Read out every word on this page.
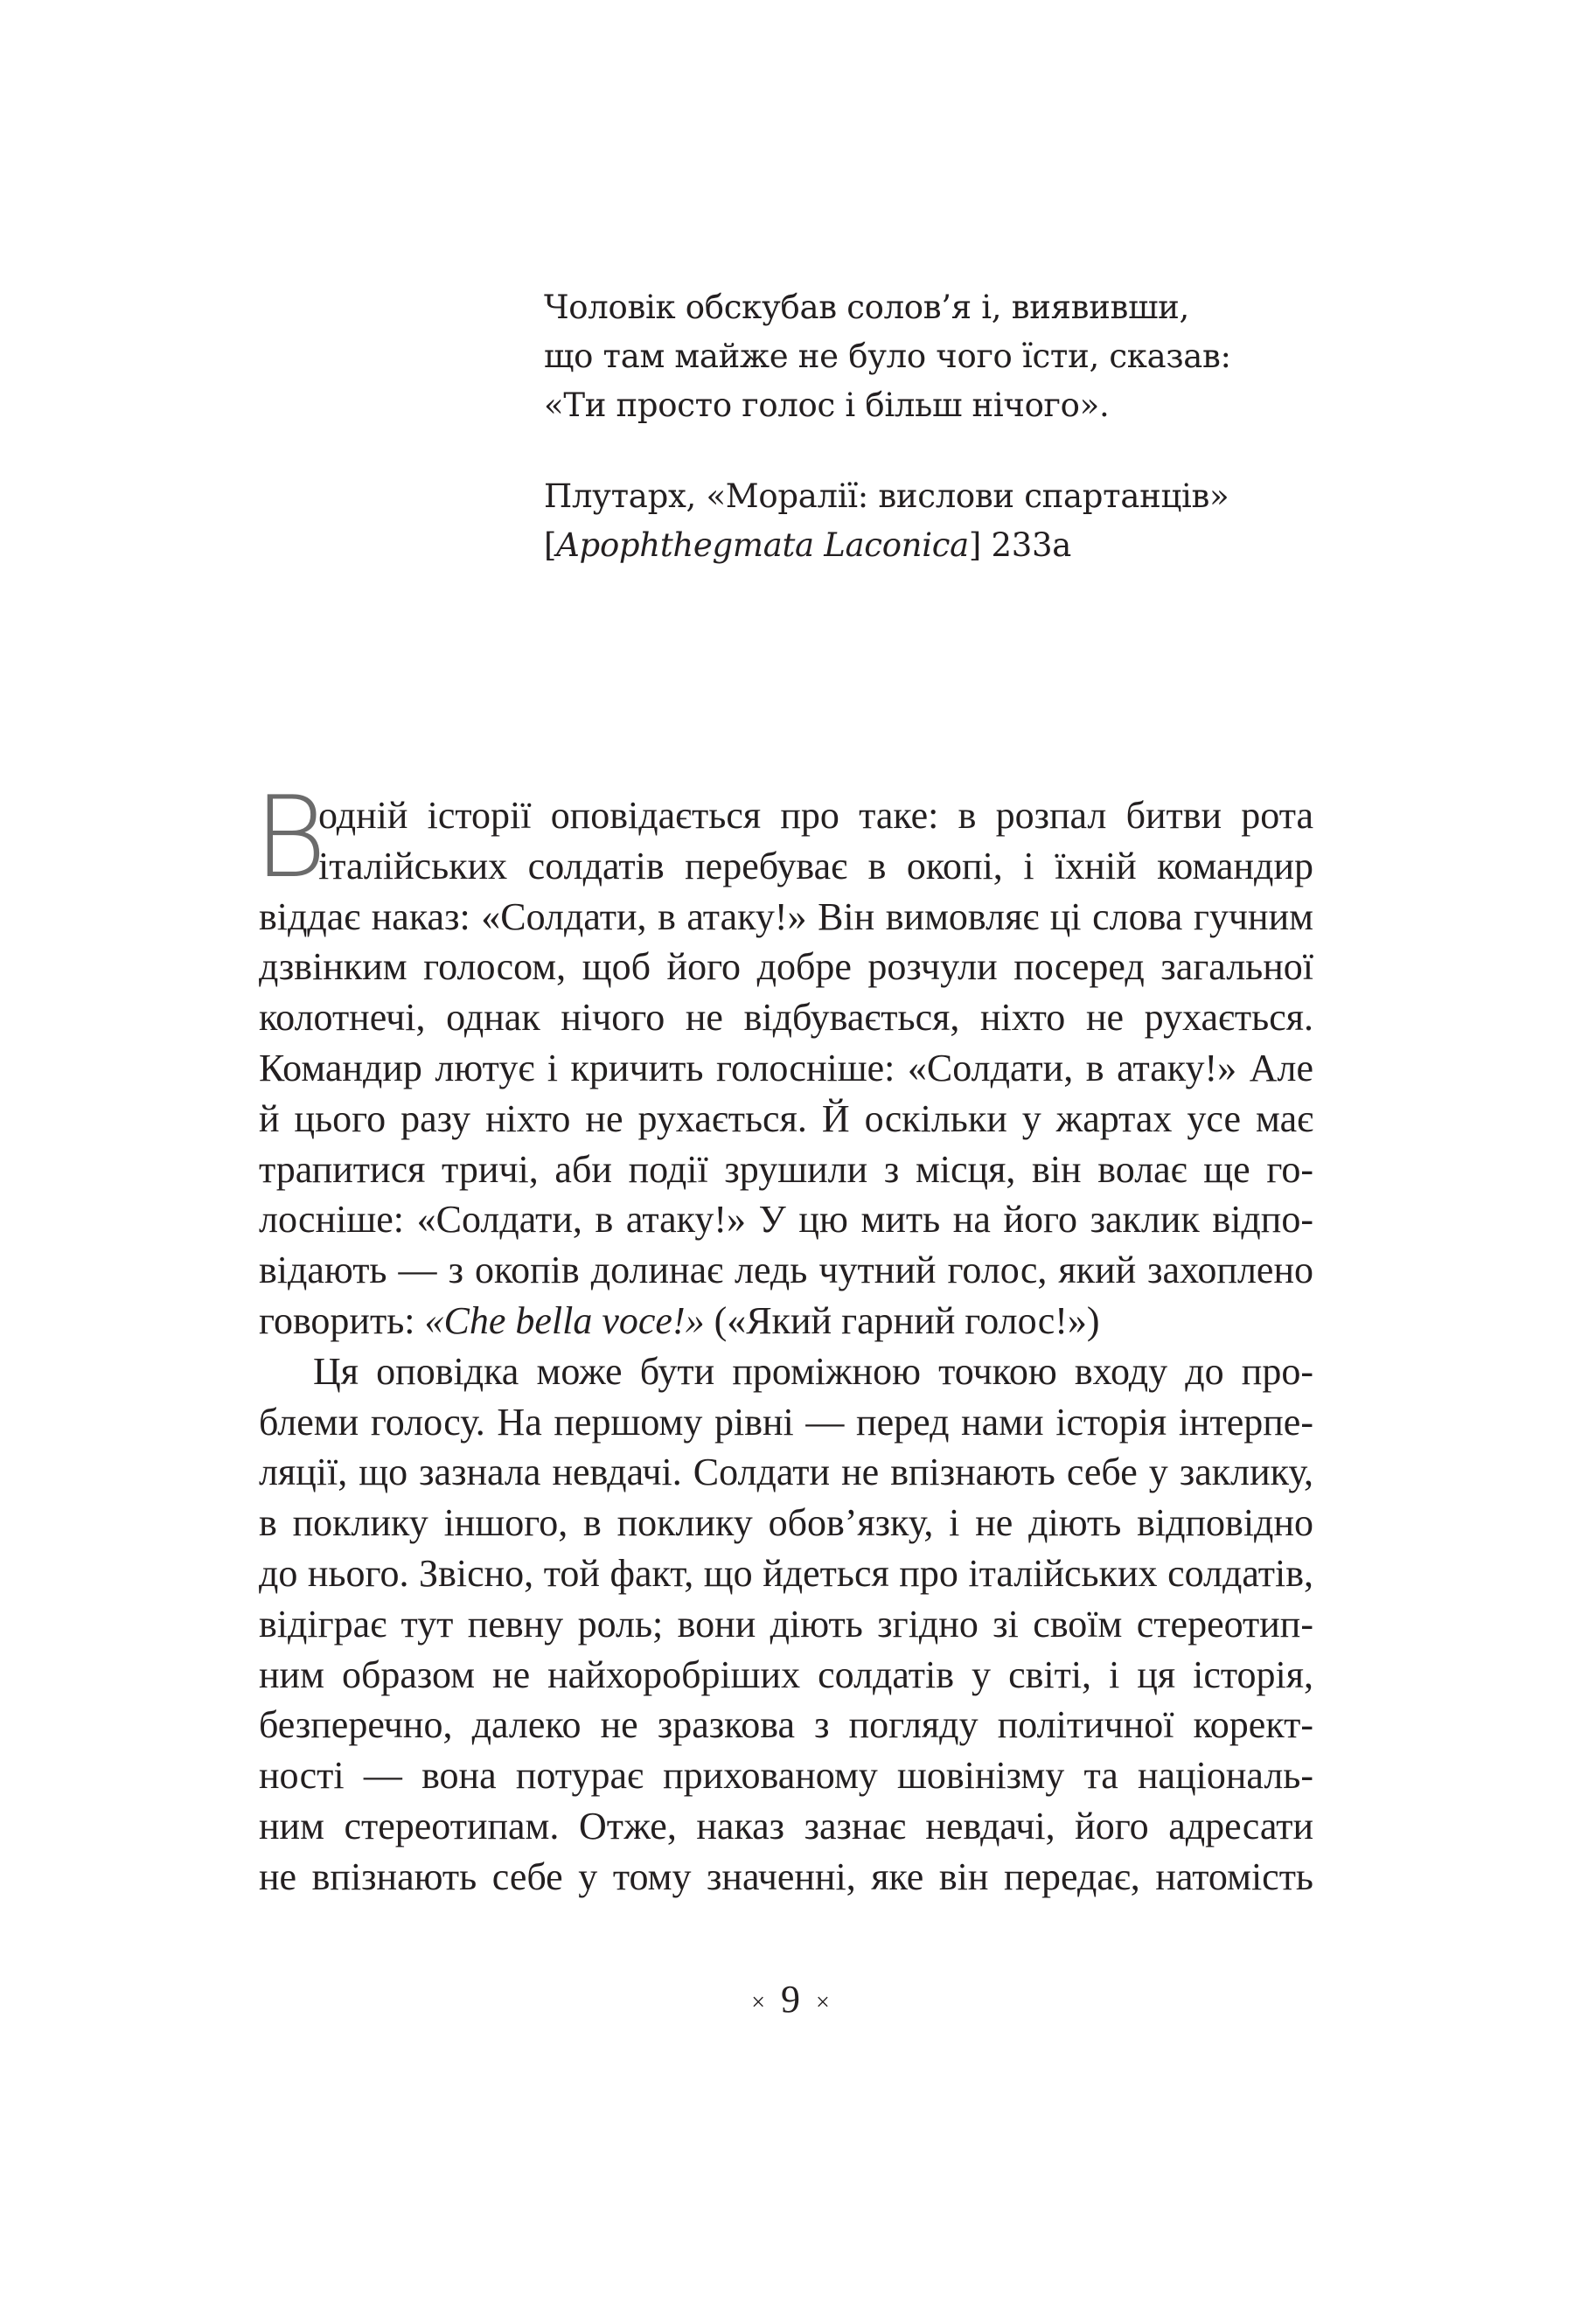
Чоловік обскубав солов’я і, виявивши,
що там майже не було чого їсти, сказав:
«Ти просто голос і більш нічого».
Плутарх, «Моралії: вислови спартанців»
[Apophthegmata Laconica] 233a
В
одній історії оповідається про таке: в розпал битви рота
італійських солдатів перебуває в окопі, і їхній командир
віддає наказ: «Солдати, в атаку!» Він вимовляє ці слова гучним
дзвінким голосом, щоб його добре розчули посеред загальної
колотнечі, однак нічого не відбувається, ніхто не рухається.
Командир лютує і кричить голосніше: «Солдати, в атаку!» Але
й цього разу ніхто не рухається. Й оскільки у жартах усе має
трапитися тричі, аби події зрушили з місця, він волає ще го-
лосніше: «Солдати, в атаку!» У цю мить на його заклик відпо-
відають — з окопів долинає ледь чутний голос, який захоплено
говорить: «Che bella voce!» («Який гарний голос!»)
Ця оповідка може бути проміжною точкою входу до про-
блеми голосу. На першому рівні — перед нами історія інтерпе-
ляції, що зазнала невдачі. Солдати не впізнають себе у заклику,
в поклику іншого, в поклику обов’язку, і не діють відповідно
до нього. Звісно, той факт, що йдеться про італійських солдатів,
відіграє тут певну роль; вони діють згідно зі своїм стереотип-
ним образом не найхоробріших солдатів у світі, і ця історія,
безперечно, далеко не зразкова з погляду політичної корект-
ності — вона потурає прихованому шовінізму та національ-
ним стереотипам. Отже, наказ зазнає невдачі, його адресати
не впізнають себе у тому значенні, яке він передає, натомість
× 9 ×
